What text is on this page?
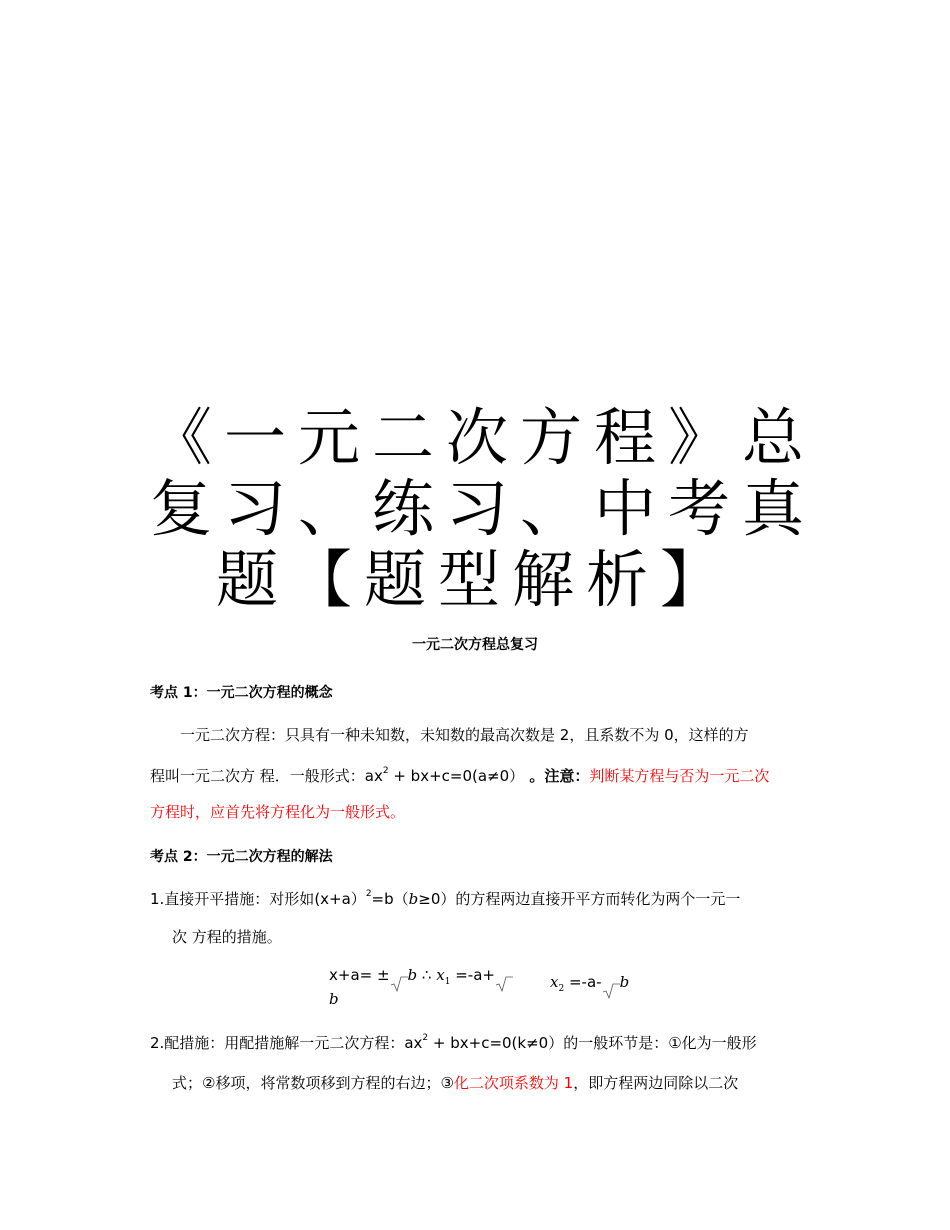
《一元二次方程》总
复习、练习、中考真
题【题型解析】

一元二次方程总复习

考点 1：一元二次方程的概念

一元二次方程：只具有一种未知数，未知数的最高次数是 2，且系数不为 0，这样的方

程叫一元二次方 程．一般形式：$ax^2 + bx+c=0(a\ne 0)$ 。注意：判断某方程与否为一元二次

方程时，应首先将方程化为一般形式。

考点 2：一元二次方程的解法

1.直接开平措施：对形如(x+a）$^2$=b（b≥0）的方程两边直接开平方而转化为两个一元一

次 方程的措施。

x+a= ± b ∴ $x_1 =-a+$
b
$x_2 =-a-$ b

2.配措施：用配措施解一元二次方程：$ax^2 + bx+c=0(k\ne 0)$的一般环节是：①化为一般形

式；②移项，将常数项移到方程的右边；③化二次项系数为 1，即方程两边同除以二次
